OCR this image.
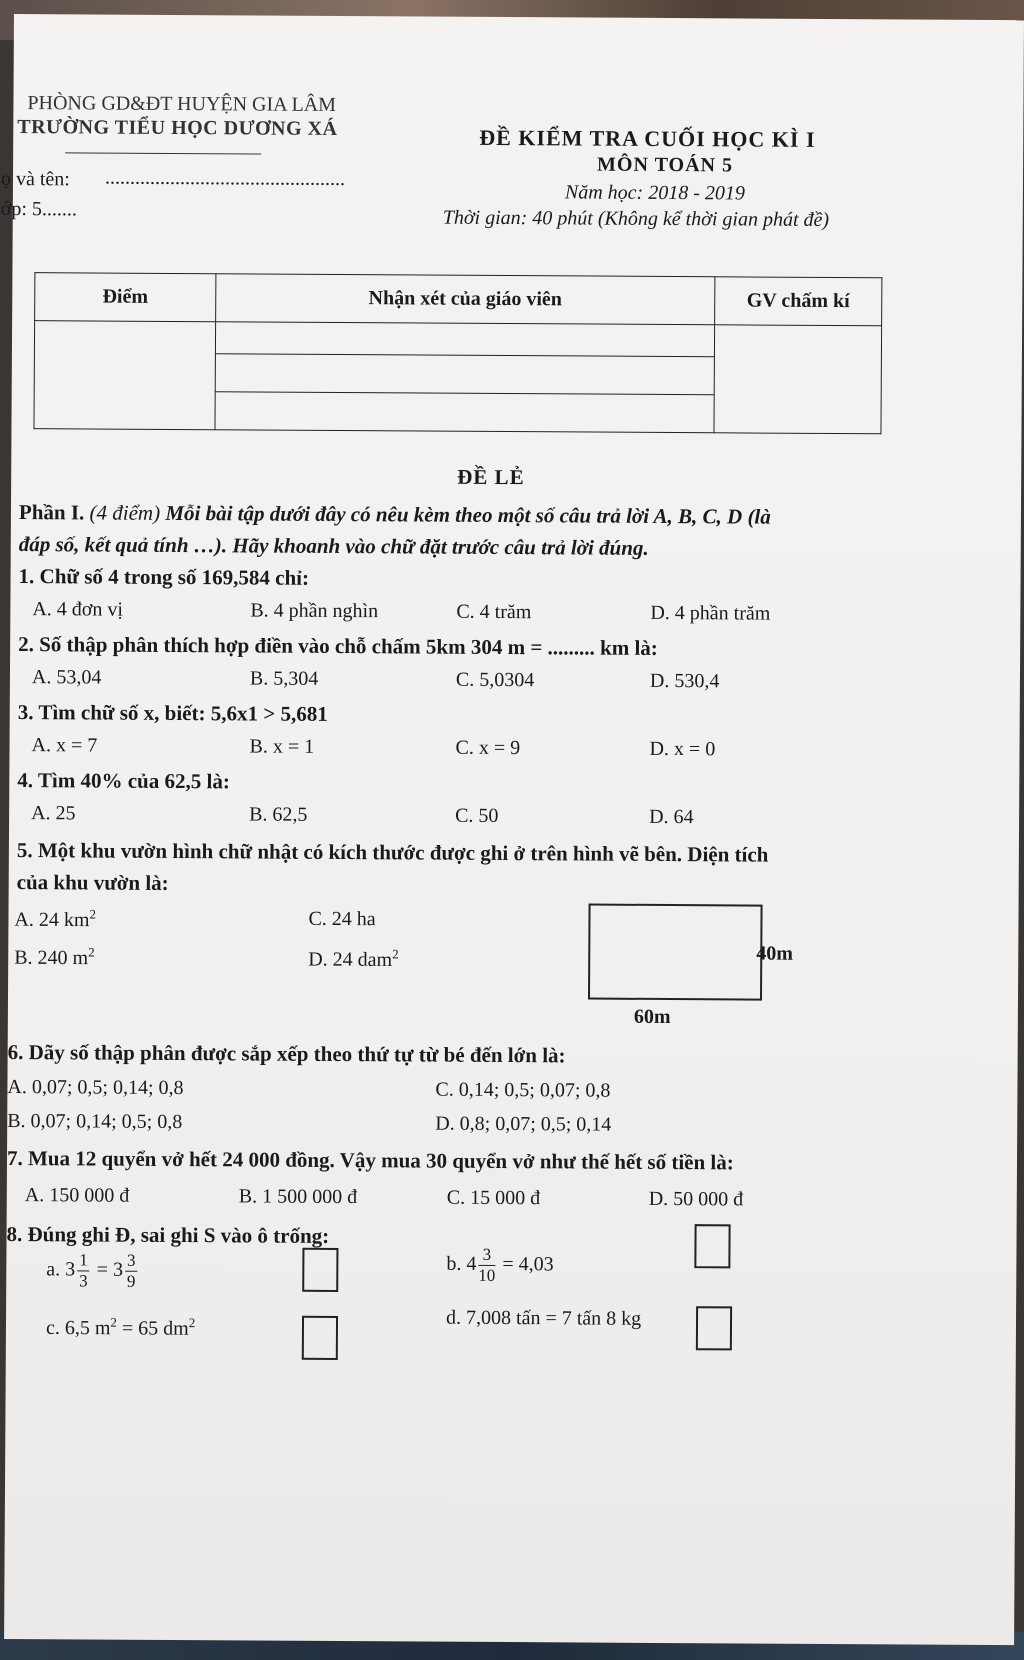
PHÒNG GD&ĐT HUYỆN GIA LÂM
TRƯỜNG TIỂU HỌC DƯƠNG XÁ
ọ và tên: ................................................
ớp: 5.......
ĐỀ KIỂM TRA CUỐI HỌC KÌ I
MÔN TOÁN 5
Năm học: 2018 - 2019
Thời gian: 40 phút (Không kể thời gian phát đề)
Điểm	Nhận xét của giáo viên	GV chấm kí

ĐỀ LẺ
Phần I. (4 điểm) Mỗi bài tập dưới đây có nêu kèm theo một số câu trả lời A, B, C, D (là
đáp số, kết quả tính …). Hãy khoanh vào chữ đặt trước câu trả lời đúng.
1. Chữ số 4 trong số 169,584 chỉ:
A. 4 đơn vị	B. 4 phần nghìn	C. 4 trăm	D. 4 phần trăm
2. Số thập phân thích hợp điền vào chỗ chấm 5km 304 m = ......... km là:
A. 53,04	B. 5,304	C. 5,0304	D. 530,4
3. Tìm chữ số x, biết: 5,6x1 > 5,681
A. x = 7	B. x = 1	C. x = 9	D. x = 0
4. Tìm 40% của 62,5 là:
A. 25	B. 62,5	C. 50	D. 64
5. Một khu vườn hình chữ nhật có kích thước được ghi ở trên hình vẽ bên. Diện tích
của khu vườn là:
A. 24 $km^2$
B. 240 $m^2$
C. 24 ha
D. 24 dam$^2$	40m
60m
6. Dãy số thập phân được sắp xếp theo thứ tự từ bé đến lớn là:
A. 0,07; 0,5; 0,14; 0,8
B. 0,07; 0,14; 0,5; 0,8
C. 0,14; 0,5; 0,07; 0,8
D. 0,8; 0,07; 0,5; 0,14
7. Mua 12 quyển vở hết 24 000 đồng. Vậy mua 30 quyển vở như thế hết số tiền là:
A. 150 000 đ	B. 1 500 000 đ	C. 15 000 đ	D. 50 000 đ
8. Đúng ghi Đ, sai ghi S vào ô trống:
a. $3 \frac{1}{3} = 3 \frac{3}{9}$	b. $4 \frac{3}{10} = 4,03$
c. 6,5 $m^2 = 65$ $dm^2$	d. 7,008 tấn = 7 tấn 8 kg
